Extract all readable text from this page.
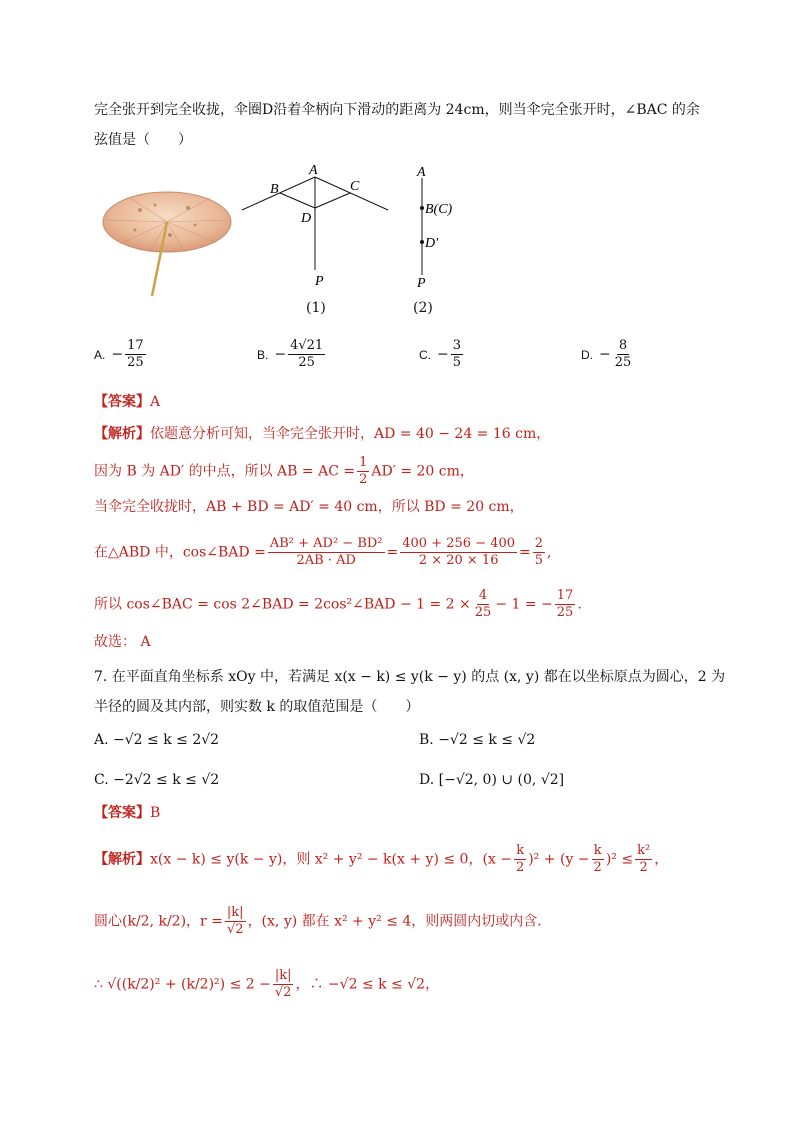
完全张开到完全收拢，伞圈D沿着伞柄向下滑动的距离为 24cm，则当伞完全张开时，∠BAC 的余
弦值是（　　）
A
B	C
D
P
(1)
A
B(C)
D′
P
(2)
A. − $\frac{17}{25}$	B. − $\frac{4√21}{25}$	C. − $\frac{3}{5}$	D. − $\frac{8}{25}$
【答案】A
【解析】依题意分析可知，当伞完全张开时，AD = 40 − 24 = 16 cm，
因为 B 为 AD′ 的中点，所以 AB = AC = $\frac{1}{2} AD' = 20$ cm，
当伞完全收拢时，AB + BD = AD′ = 40 cm，所以 BD = 20 cm，
在△ABD 中，cos∠BAD = $\frac{\text{AB² + AD² − BD²}}{2AB \cdot AD} = \frac{400 + 256 - 400}{2 \times 20 \times 16} = \frac{2}{5}$ ,
所以 cos∠BAC = cos 2∠BAD = 2cos²∠BAD − $1 = 2 \times \frac{4}{25} - 1$ = − $\frac{17}{25}$ .
故选： A
7. 在平面直角坐标系 xOy 中，若满足 x(x − k) ≤ y(k − y) 的点 (x, y) 都在以坐标原点为圆心，2 为
半径的圆及其内部，则实数 k 的取值范围是（　　）
A. −√2 ≤ k ≤ 2√2	B. −√2 ≤ k ≤ √2
C. −2√2 ≤ k ≤ √2	D. [−√2, 0) ∪ (0, √2]
【答案】B
【解析】x(x − k) ≤ y(k − y)，则 x² + y² − k(x + y) ≤ 0，$(x - \frac{k}{2} )^2 + (y - \frac{k}{2} )^2 \le \frac{\text{k²}}{2}$ ，
圆心(k/2, k/2)，$r = \frac{|k|}{√2}$ ，(x, y) 都在 x² + y² ≤ 4，则两圆内切或内含．
∴ $√((k/2)^2 + (k/2)^2) \le 2 - \frac{|k|}{√2}$ ，∴ −√2 ≤ k ≤ √2，
